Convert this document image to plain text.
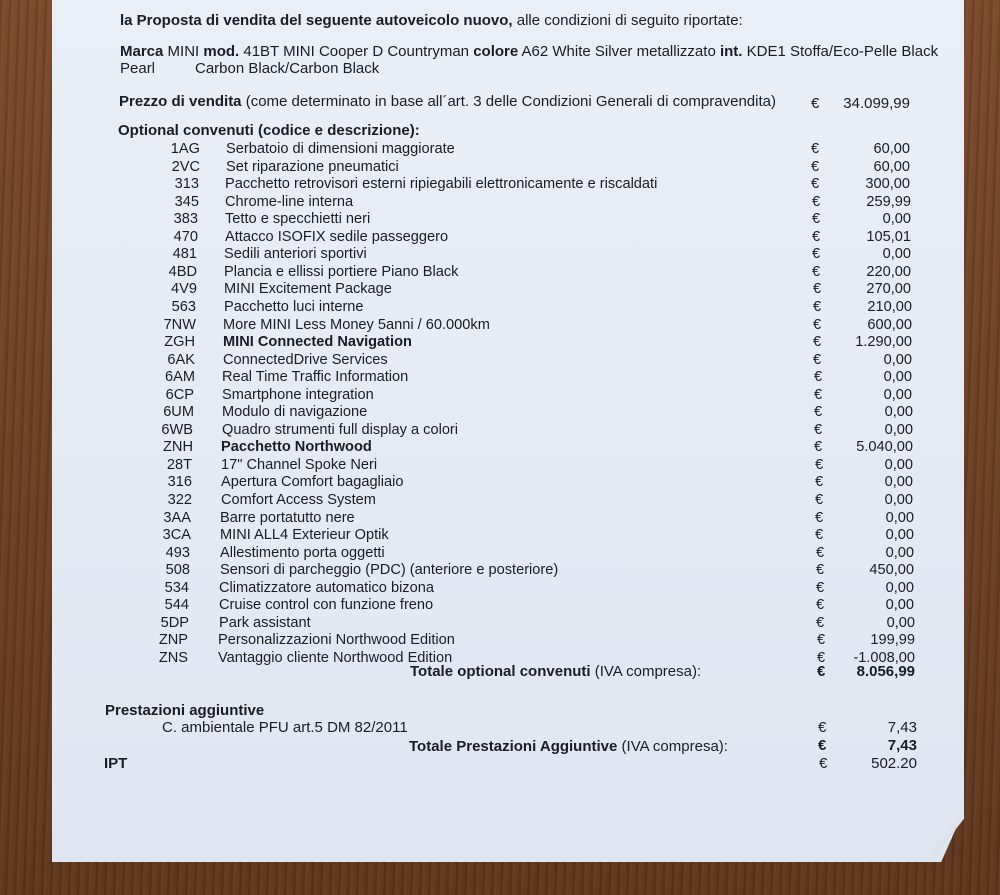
la Proposta di vendita del seguente autoveicolo nuovo, alle condizioni di seguito riportate:
Marca MINI mod. 41BT MINI Cooper D Countryman colore A62 White Silver metallizzato int. KDE1 Stoffa/Eco-Pelle Black
Pearl	Carbon Black/Carbon Black
Prezzo di vendita (come determinato in base all´art. 3 delle Condizioni Generali di compravendita) €	34.099,99
Optional convenuti (codice e descrizione):
1AG Serbatoio di dimensioni maggiorate	€	60,00
2VC Set riparazione pneumatici	€	60,00
313 Pacchetto retrovisori esterni ripiegabili elettronicamente e riscaldati	€	300,00
345 Chrome-line interna	€	259,99
383 Tetto e specchietti neri	€	0,00
470 Attacco ISOFIX sedile passeggero	€	105,01
481 Sedili anteriori sportivi	€	0,00
4BD Plancia e ellissi portiere Piano Black	€	220,00
4V9 MINI Excitement Package	€	270,00
563 Pacchetto luci interne	€	210,00
7NW More MINI Less Money 5anni / 60.000km	€	600,00
ZGH MINI Connected Navigation	€	1.290,00
6AK ConnectedDrive Services	€	0,00
6AM Real Time Traffic Information	€	0,00
6CP Smartphone integration	€	0,00
6UM Modulo di navigazione	€	0,00
6WB Quadro strumenti full display a colori	€	0,00
ZNH Pacchetto Northwood	€	5.040,00
28T 17" Channel Spoke Neri	€	0,00
316 Apertura Comfort bagagliaio	€	0,00
322 Comfort Access System	€	0,00
3AA Barre portatutto nere	€	0,00
3CA MINI ALL4 Exterieur Optik	€	0,00
493 Allestimento porta oggetti	€	0,00
508 Sensori di parcheggio (PDC) (anteriore e posteriore)	€	450,00
534 Climatizzatore automatico bizona	€	0,00
544 Cruise control con funzione freno	€	0,00
5DP Park assistant	€	0,00
ZNP Personalizzazioni Northwood Edition	€	199,99
ZNS Vantaggio cliente Northwood Edition	€	-1.008,00
Totale optional convenuti (IVA compresa):	€	8.056,99
Prestazioni aggiuntive
C. ambientale PFU art.5 DM 82/2011	€	7,43
Totale Prestazioni Aggiuntive (IVA compresa):	€	7,43
IPT	€	502.20
